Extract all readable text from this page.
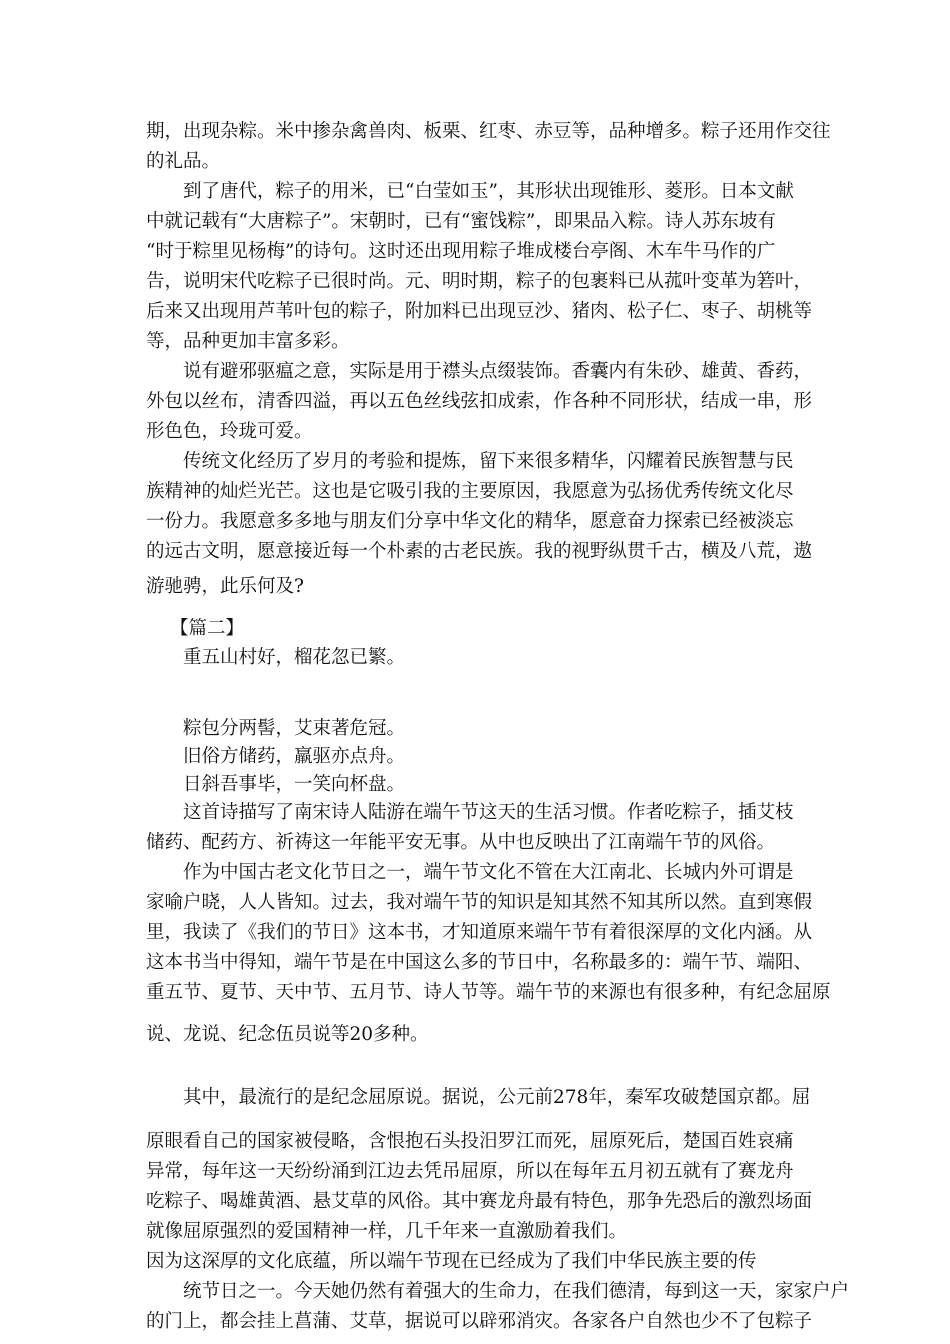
期，出现杂粽。米中掺杂禽兽肉、板栗、红枣、赤豆等，品种增多。粽子还用作交往
的礼品。
到了唐代，粽子的用米，已“白莹如玉”，其形状出现锥形、菱形。日本文献
中就记载有“大唐粽子”。宋朝时，已有“蜜饯粽”，即果品入粽。诗人苏东坡有
“时于粽里见杨梅”的诗句。这时还出现用粽子堆成楼台亭阁、木车牛马作的广
告，说明宋代吃粽子已很时尚。元、明时期，粽子的包裹料已从菰叶变革为箬叶，
后来又出现用芦苇叶包的粽子，附加料已出现豆沙、猪肉、松子仁、枣子、胡桃等
等，品种更加丰富多彩。
说有避邪驱瘟之意，实际是用于襟头点缀装饰。香囊内有朱砂、雄黄、香药，
外包以丝布，清香四溢，再以五色丝线弦扣成索，作各种不同形状，结成一串，形
形色色，玲珑可爱。
传统文化经历了岁月的考验和提炼，留下来很多精华，闪耀着民族智慧与民
族精神的灿烂光芒。这也是它吸引我的主要原因，我愿意为弘扬优秀传统文化尽
一份力。我愿意多多地与朋友们分享中华文化的精华，愿意奋力探索已经被淡忘
的远古文明，愿意接近每一个朴素的古老民族。我的视野纵贯千古，横及八荒，遨
游驰骋，此乐何及?
【篇二】
重五山村好，榴花忽已繁。
粽包分两髻，艾束著危冠。
旧俗方储药，羸驱亦点舟。
日斜吾事毕，一笑向杯盘。
这首诗描写了南宋诗人陆游在端午节这天的生活习惯。作者吃粽子，插艾枝
储药、配药方、祈祷这一年能平安无事。从中也反映出了江南端午节的风俗。
作为中国古老文化节日之一，端午节文化不管在大江南北、长城内外可谓是
家喻户晓，人人皆知。过去，我对端午节的知识是知其然不知其所以然。直到寒假
里，我读了《我们的节日》这本书，才知道原来端午节有着很深厚的文化内涵。从
这本书当中得知，端午节是在中国这么多的节日中，名称最多的：端午节、端阳、
重五节、夏节、天中节、五月节、诗人节等。端午节的来源也有很多种，有纪念屈原
说、龙说、纪念伍员说等20多种。
其中，最流行的是纪念屈原说。据说，公元前278年，秦军攻破楚国京都。屈
原眼看自己的国家被侵略，含恨抱石头投汨罗江而死，屈原死后，楚国百姓哀痛
异常，每年这一天纷纷涌到江边去凭吊屈原，所以在每年五月初五就有了赛龙舟
吃粽子、喝雄黄酒、悬艾草的风俗。其中赛龙舟最有特色，那争先恐后的激烈场面
就像屈原强烈的爱国精神一样，几千年来一直激励着我们。
因为这深厚的文化底蕴，所以端午节现在已经成为了我们中华民族主要的传
统节日之一。今天她仍然有着强大的生命力，在我们德清，每到这一天，家家户户
的门上，都会挂上菖蒲、艾草，据说可以辟邪消灾。各家各户自然也少不了包粽子
